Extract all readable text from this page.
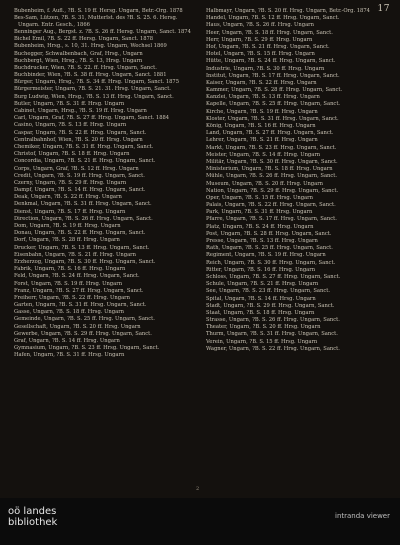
17

Bubenheim, f. Aufl., ?B. S. 19 ff. Hersg. Ungarn, Betr.-Org. 1878

Bes-Sam, Lützen, ?B. S. 31, Mutterlst. des ?B. S. 25. 6. Hersg. Ungarn. Entr. Gesch., 1866

Benninger Aug., Bergst. z. ?B. S. 26 ff. Hersg. Ungarn, Sanct. 1874

Bichel Emil, ?B. S. 22 ff. Hersg. Ungarn, Sanct. 1878

Bubenheim, Hrsg., s. 10, 31. Hrsg. Ungarn, Wechsel 1869

Buchegger, Schwalbenbach, Graf, Hrsg., Ungarn

Buchbergt, Wien, Hrsg., ?B. S. 13, Hrsg. Ungarn

Buchdrucker, Wien, ?B. S. 22. ff. Hrsg. Ungarn, Sanct.

Buchbinder, Wien, ?B. S. 38 ff. Hrsg. Ungarn, Sanct. 1881

Bürger, Ungarn, Hrsg., ?B. S. 34 ff. Hrsg. Ungarn, Sanct. 1875

Bürgermeister, Ungarn, ?B. S. 21. 31. Hrsg. Ungarn, Sanct.

Burg Ludwig, Wien, Hrsg., ?B. S. 13 ff. Hrsg. Ungarn, Sanct.

Butler, Ungarn, ?B. S. 31 ff. Hrsg. Ungarn

Cabinet, Ungarn, Hrsg., ?B. S. 19 ff. Hrsg. Ungarn

Carl, Ungarn, Graf, ?B. S. 27 ff. Hrsg. Ungarn, Sanct. 1884

Casino, Ungarn, ?B. S. 13 ff. Hrsg. Ungarn

Caspar, Ungarn, ?B. S. 22 ff. Hrsg. Ungarn, Sanct.

Centralbahnhof, Wien, ?B. S. 20 ff. Hrsg. Ungarn

Chemiker, Ungarn, ?B. S. 31 ff. Hrsg. Ungarn, Sanct.

Christof, Ungarn, ?B. S. 18 ff. Hrsg. Ungarn

Concordia, Ungarn, ?B. S. 21 ff. Hrsg. Ungarn, Sanct.

Corps, Ungarn, Graf, ?B. S. 12 ff. Hrsg. Ungarn

Credit, Ungarn, ?B. S. 19 ff. Hrsg. Ungarn, Sanct.

Czerny, Ungarn, ?B. S. 29 ff. Hrsg. Ungarn

Dampf, Ungarn, ?B. S. 14 ff. Hrsg. Ungarn, Sanct.

Deak, Ungarn, ?B. S. 22 ff. Hrsg. Ungarn

Denkmal, Ungarn, ?B. S. 31 ff. Hrsg. Ungarn, Sanct.

Dienst, Ungarn, ?B. S. 17 ff. Hrsg. Ungarn

Direction, Ungarn, ?B. S. 26 ff. Hrsg. Ungarn, Sanct.

Dom, Ungarn, ?B. S. 19 ff. Hrsg. Ungarn

Donau, Ungarn, ?B. S. 22 ff. Hrsg. Ungarn, Sanct.

Dorf, Ungarn, ?B. S. 28 ff. Hrsg. Ungarn

Drucker, Ungarn, ?B. S. 13 ff. Hrsg. Ungarn, Sanct.

Eisenbahn, Ungarn, ?B. S. 21 ff. Hrsg. Ungarn

Erzherzog, Ungarn, ?B. S. 30 ff. Hrsg. Ungarn, Sanct.

Fabrik, Ungarn, ?B. S. 16 ff. Hrsg. Ungarn

Feld, Ungarn, ?B. S. 24 ff. Hrsg. Ungarn, Sanct.

Forst, Ungarn, ?B. S. 19 ff. Hrsg. Ungarn

Franz, Ungarn, ?B. S. 27 ff. Hrsg. Ungarn, Sanct.

Freiherr, Ungarn, ?B. S. 22 ff. Hrsg. Ungarn

Garten, Ungarn, ?B. S. 31 ff. Hrsg. Ungarn, Sanct.

Gasse, Ungarn, ?B. S. 18 ff. Hrsg. Ungarn

Gemeinde, Ungarn, ?B. S. 25 ff. Hrsg. Ungarn, Sanct.

Gesellschaft, Ungarn, ?B. S. 20 ff. Hrsg. Ungarn

Gewerbe, Ungarn, ?B. S. 29 ff. Hrsg. Ungarn, Sanct.

Graf, Ungarn, ?B. S. 14 ff. Hrsg. Ungarn

Gymnasium, Ungarn, ?B. S. 23 ff. Hrsg. Ungarn, Sanct.

Hafen, Ungarn, ?B. S. 31 ff. Hrsg. Ungarn

Halbmayr, Ungarn, ?B. S. 20 ff. Hrsg. Ungarn, Betr.-Org. 1874

Handel, Ungarn, ?B. S. 12 ff. Hrsg. Ungarn, Sanct.

Haus, Ungarn, ?B. S. 26 ff. Hrsg. Ungarn

Heer, Ungarn, ?B. S. 18 ff. Hrsg. Ungarn, Sanct.

Herr, Ungarn, ?B. S. 29 ff. Hrsg. Ungarn

Hof, Ungarn, ?B. S. 21 ff. Hrsg. Ungarn, Sanct.

Hotel, Ungarn, ?B. S. 15 ff. Hrsg. Ungarn

Hütte, Ungarn, ?B. S. 24 ff. Hrsg. Ungarn, Sanct.

Industrie, Ungarn, ?B. S. 30 ff. Hrsg. Ungarn

Institut, Ungarn, ?B. S. 17 ff. Hrsg. Ungarn, Sanct.

Kaiser, Ungarn, ?B. S. 22 ff. Hrsg. Ungarn

Kammer, Ungarn, ?B. S. 28 ff. Hrsg. Ungarn, Sanct.

Kanzlei, Ungarn, ?B. S. 13 ff. Hrsg. Ungarn

Kapelle, Ungarn, ?B. S. 25 ff. Hrsg. Ungarn, Sanct.

Kirche, Ungarn, ?B. S. 19 ff. Hrsg. Ungarn

Kloster, Ungarn, ?B. S. 31 ff. Hrsg. Ungarn, Sanct.

König, Ungarn, ?B. S. 16 ff. Hrsg. Ungarn

Land, Ungarn, ?B. S. 27 ff. Hrsg. Ungarn, Sanct.

Lehrer, Ungarn, ?B. S. 21 ff. Hrsg. Ungarn

Markt, Ungarn, ?B. S. 23 ff. Hrsg. Ungarn, Sanct.

Meister, Ungarn, ?B. S. 14 ff. Hrsg. Ungarn

Militär, Ungarn, ?B. S. 30 ff. Hrsg. Ungarn, Sanct.

Ministerium, Ungarn, ?B. S. 18 ff. Hrsg. Ungarn

Mühle, Ungarn, ?B. S. 26 ff. Hrsg. Ungarn, Sanct.

Museum, Ungarn, ?B. S. 20 ff. Hrsg. Ungarn

Nation, Ungarn, ?B. S. 29 ff. Hrsg. Ungarn, Sanct.

Oper, Ungarn, ?B. S. 15 ff. Hrsg. Ungarn

Palais, Ungarn, ?B. S. 22 ff. Hrsg. Ungarn, Sanct.

Park, Ungarn, ?B. S. 31 ff. Hrsg. Ungarn

Pfarre, Ungarn, ?B. S. 17 ff. Hrsg. Ungarn, Sanct.

Platz, Ungarn, ?B. S. 24 ff. Hrsg. Ungarn

Post, Ungarn, ?B. S. 28 ff. Hrsg. Ungarn, Sanct.

Presse, Ungarn, ?B. S. 13 ff. Hrsg. Ungarn

Rath, Ungarn, ?B. S. 25 ff. Hrsg. Ungarn, Sanct.

Regiment, Ungarn, ?B. S. 19 ff. Hrsg. Ungarn

Reich, Ungarn, ?B. S. 30 ff. Hrsg. Ungarn, Sanct.

Ritter, Ungarn, ?B. S. 16 ff. Hrsg. Ungarn

Schloss, Ungarn, ?B. S. 27 ff. Hrsg. Ungarn, Sanct.

Schule, Ungarn, ?B. S. 21 ff. Hrsg. Ungarn

See, Ungarn, ?B. S. 23 ff. Hrsg. Ungarn, Sanct.

Spital, Ungarn, ?B. S. 14 ff. Hrsg. Ungarn

Stadt, Ungarn, ?B. S. 29 ff. Hrsg. Ungarn, Sanct.

Staat, Ungarn, ?B. S. 18 ff. Hrsg. Ungarn

Strasse, Ungarn, ?B. S. 26 ff. Hrsg. Ungarn, Sanct.

Theater, Ungarn, ?B. S. 20 ff. Hrsg. Ungarn

Thurm, Ungarn, ?B. S. 31 ff. Hrsg. Ungarn, Sanct.

Verein, Ungarn, ?B. S. 15 ff. Hrsg. Ungarn

Wagner, Ungarn, ?B. S. 22 ff. Hrsg. Ungarn, Sanct.

2
oö landes
bibliothek
intranda viewer
